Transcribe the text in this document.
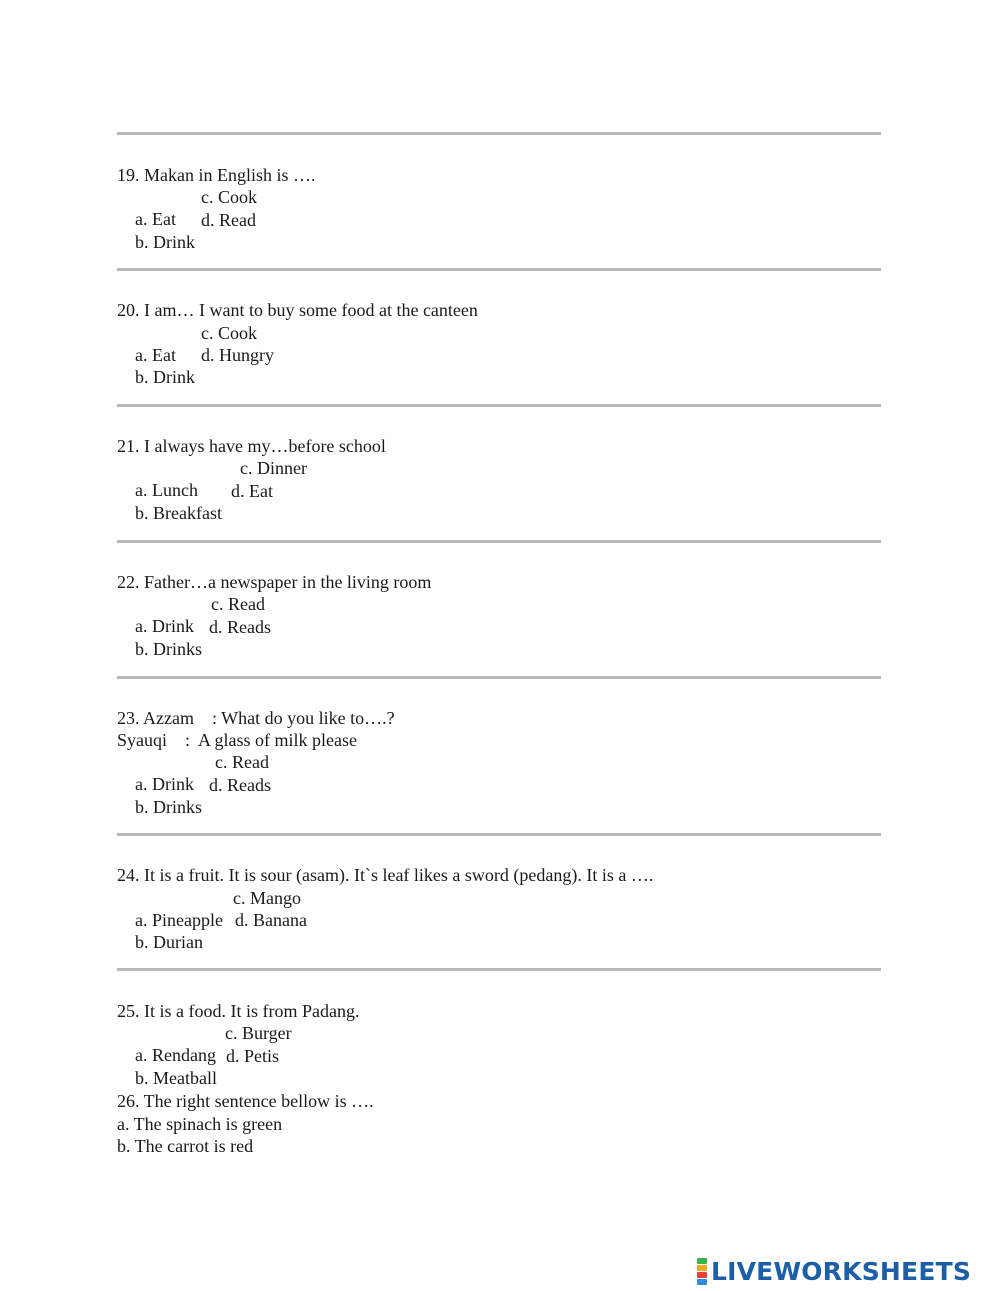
19. Makan in English is ….

a. Eat

c. Cook

b. Drink

d. Read

20. I am… I want to buy some food at the canteen

a. Eat

c. Cook

b. Drink

d. Hungry

21. I always have my…before school

a. Lunch

c. Dinner

b. Breakfast

d. Eat

22. Father…a newspaper in the living room

a. Drink

c. Read

b. Drinks

d. Reads

23. Azzam    : What do you like to….?
Syauqi    :  A glass of milk please

a. Drink

c. Read

b. Drinks

d. Reads

24. It is a fruit. It is sour (asam). It`s leaf likes a sword (pedang). It is a ….

a. Pineapple

c. Mango

b. Durian

d. Banana

25. It is a food. It is from Padang.

a. Rendang

c. Burger

b. Meatball

d. Petis

26. The right sentence bellow is ….
a. The spinach is green
b. The carrot is red
LIVEWORKSHEETS
